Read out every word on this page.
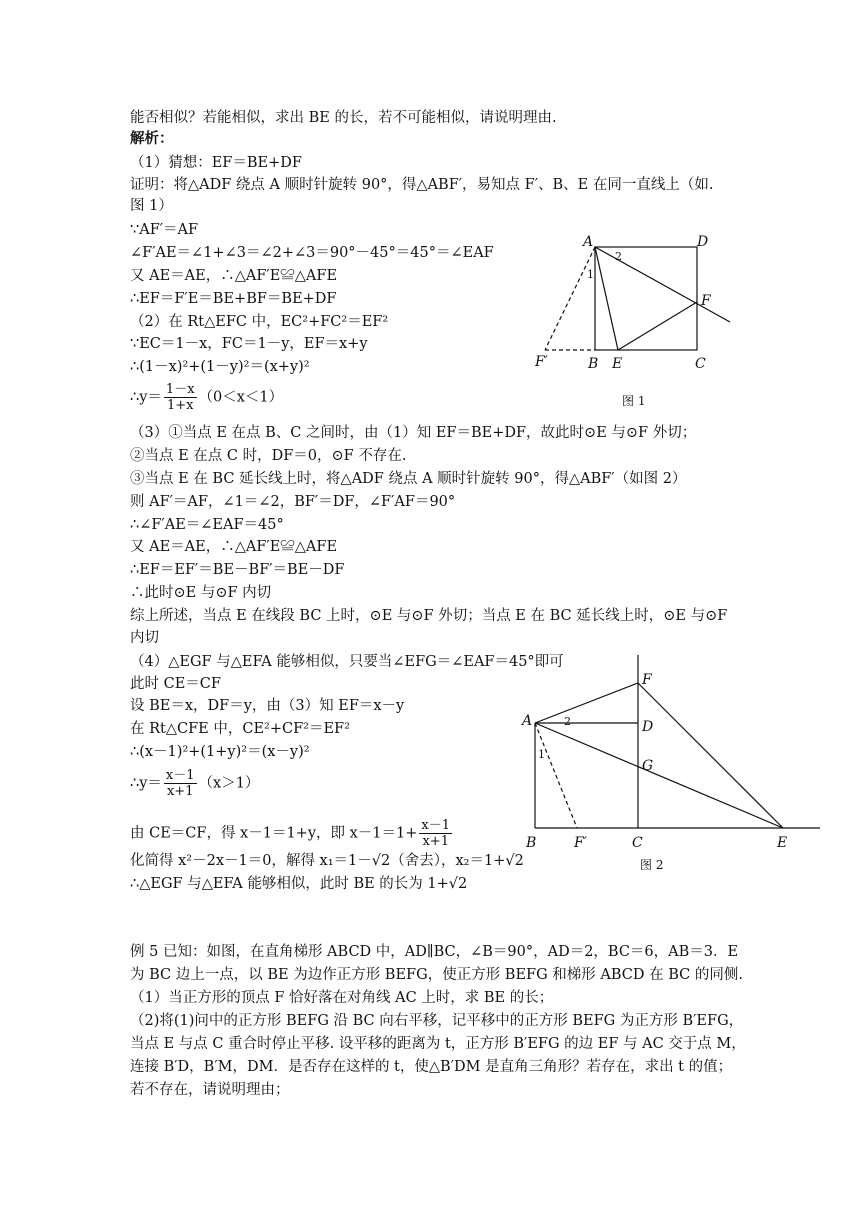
能否相似？若能相似，求出 BE 的长，若不可能相似，请说明理由.
解析：
（1）猜想：EF＝BE+DF
证明：将△ADF 绕点 A 顺时针旋转 90°，得△ABF′，易知点 F′、B、E 在同一直线上（如.
图 1）
∵AF′＝AF
∠F′AE＝∠1+∠3＝∠2+∠3＝90°－45°＝45°＝∠EAF
又 AE＝AE，∴△AF′E≌△AFE
∴EF＝F′E＝BE+BF＝BE+DF
（2）在 Rt△EFC 中，EC²+FC²＝EF²
∵EC＝1－x，FC＝1－y，EF＝x+y
∴(1－x)²+(1－y)²＝(x+y)²
∴y＝ $\frac{1-x}{1+x} (0<x<1)$
A	D
F
F′	B E	C
1
2
图 1
（3）①当点 E 在点 B、C 之间时，由（1）知 EF＝BE+DF，故此时⊙E 与⊙F 外切；
②当点 E 在点 C 时，DF＝0，⊙F 不存在.
③当点 E 在 BC 延长线上时，将△ADF 绕点 A 顺时针旋转 90°，得△ABF′（如图 2）
则 AF′＝AF，∠1＝∠2，BF′＝DF，∠F′AF＝90°
∴∠F′AE＝∠EAF＝45°
又 AE＝AE，∴△AF′E≌△AFE
∴EF＝EF′＝BE－BF′＝BE－DF
∴此时⊙E 与⊙F 内切
综上所述，当点 E 在线段 BC 上时，⊙E 与⊙F 外切；当点 E 在 BC 延长线上时，⊙E 与⊙F
内切
（4）△EGF 与△EFA 能够相似，只要当∠EFG＝∠EAF＝45°即可
此时 CE＝CF
设 BE＝x，DF＝y，由（3）知 EF＝x－y
在 Rt△CFE 中，CE²+CF²＝EF²
∴(x－1)²+(1+y)²＝(x－y)²
∴y＝ $\frac{x-1}{x+1} (x>1)$
由 CE＝CF，得 x－1＝1+y，即 $x-1=1+ \frac{x-1}{x+1}$
化简得 x²－2x－1＝0，解得 x₁＝1－√2（舍去），x₂＝1+√2
∴△EGF 与△EFA 能够相似，此时 BE 的长为 1+√2
F
A	D
G
B	F′	C	E
1
2
图 2
例 5 已知：如图，在直角梯形 ABCD 中，AD∥BC，∠B＝90°，AD＝2，BC＝6，AB＝3．E
为 BC 边上一点，以 BE 为边作正方形 BEFG，使正方形 BEFG 和梯形 ABCD 在 BC 的同侧.
（1）当正方形的顶点 F 恰好落在对角线 AC 上时，求 BE 的长；
（2)将(1)问中的正方形 BEFG 沿 BC 向右平移，记平移中的正方形 BEFG 为正方形 B′EFG，
当点 E 与点 C 重合时停止平移. 设平移的距离为 t，正方形 B′EFG 的边 EF 与 AC 交于点 M，
连接 B′D，B′M，DM．是否存在这样的 t，使△B′DM 是直角三角形？若存在，求出 t 的值；
若不存在，请说明理由；
